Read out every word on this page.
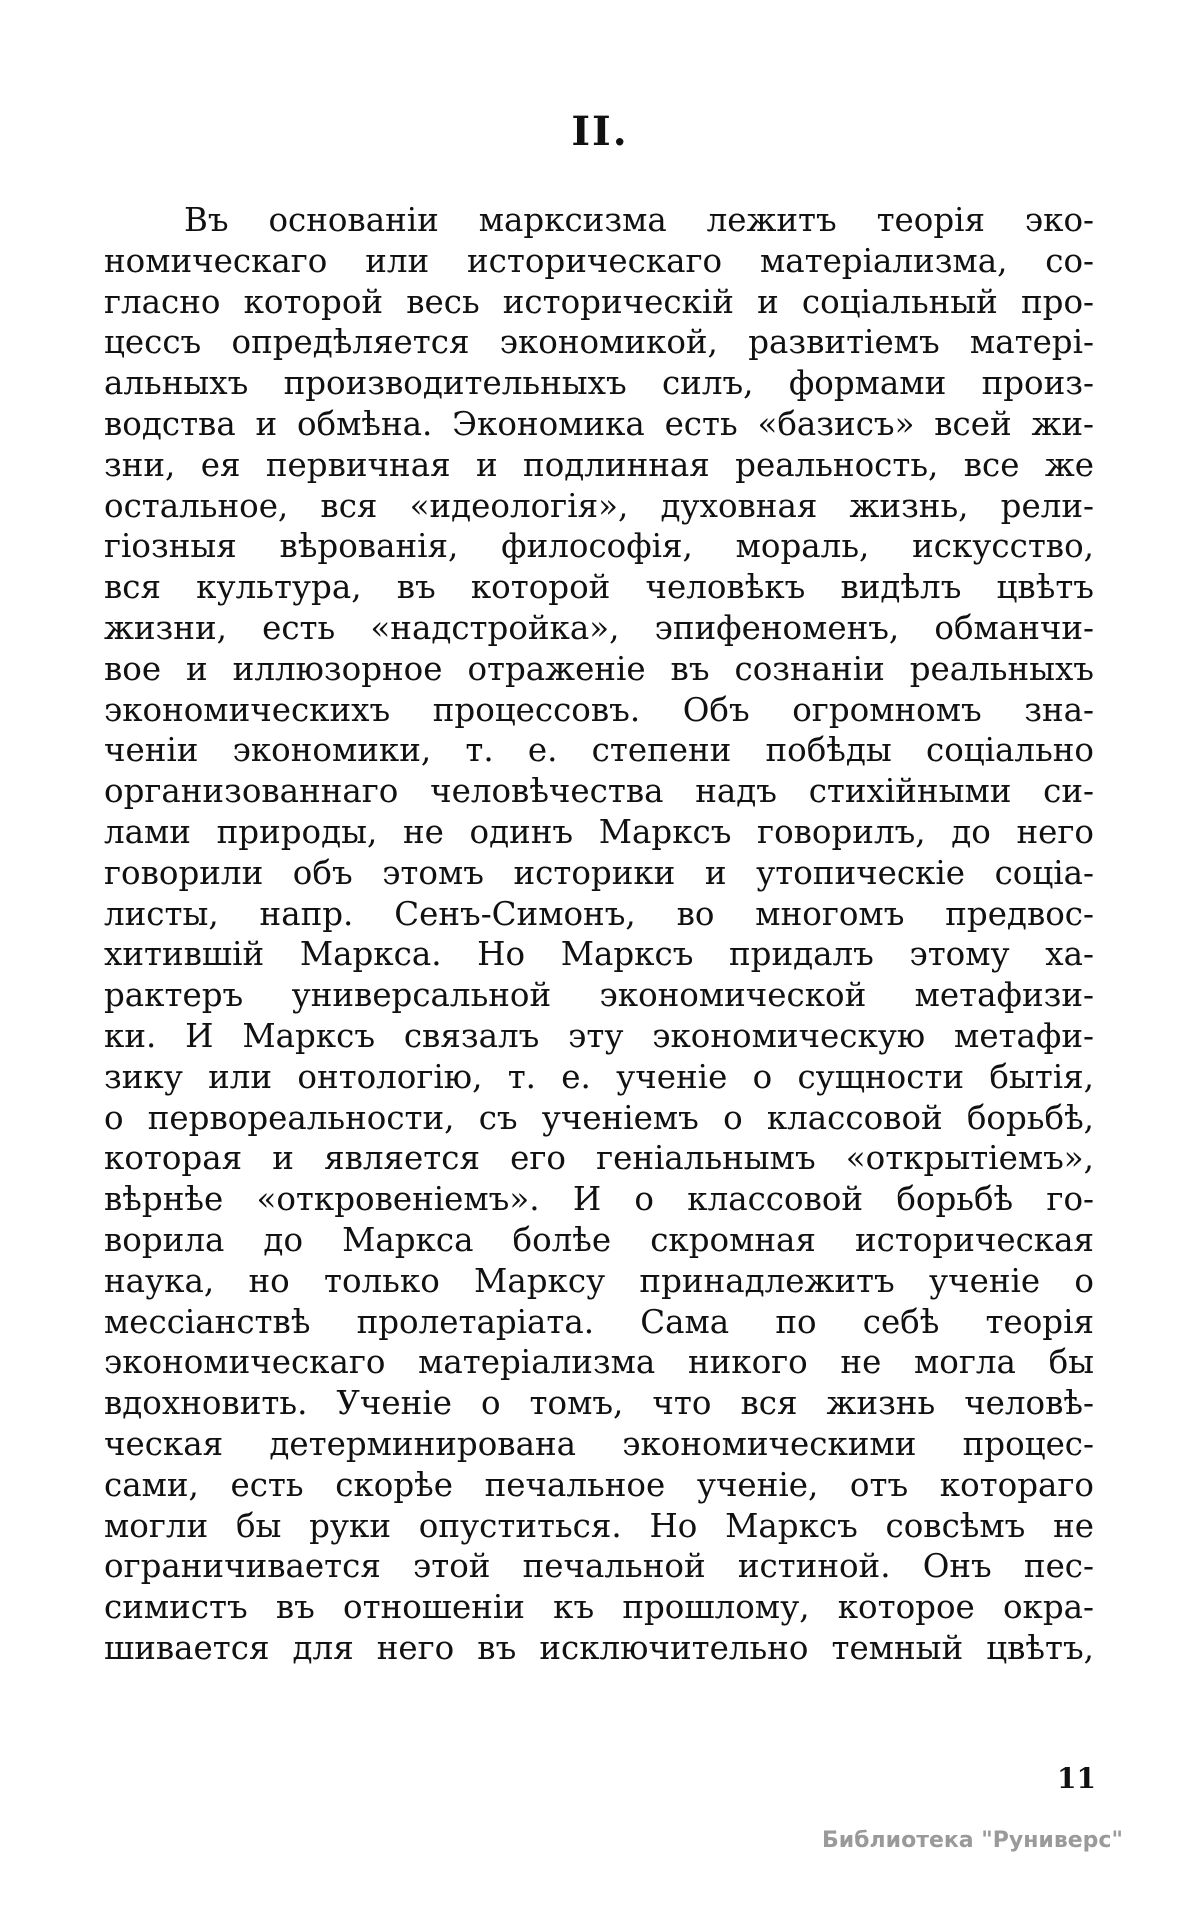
II.
Въ основанiи марксизма лежитъ теорiя эко-
номическаго или историческаго матерiализма, со-
гласно которой весь историческiй и соцiальный про-
цессъ опредѣляется экономикой, развитiемъ матерi-
альныхъ производительныхъ силъ, формами произ-
водства и обмѣна. Экономика есть «базисъ» всей жи-
зни, ея первичная и подлинная реальность, все же
остальное, вся «идеологiя», духовная жизнь, рели-
гiозныя вѣрованiя, философiя, мораль, искусство,
вся культура, въ которой человѣкъ видѣлъ цвѣтъ
жизни, есть «надстройка», эпифеноменъ, обманчи-
вое и иллюзорное отраженiе въ сознанiи реальныхъ
экономическихъ процессовъ. Объ огромномъ зна-
ченiи экономики, т. е. степени побѣды соцiально
организованнаго человѣчества надъ стихiйными си-
лами природы, не одинъ Марксъ говорилъ, до него
говорили объ этомъ историки и утопическiе соцiа-
листы, напр. Сенъ-Симонъ, во многомъ предвос-
хитившiй Маркса. Но Марксъ придалъ этому ха-
рактеръ универсальной экономической метафизи-
ки. И Марксъ связалъ эту экономическую метафи-
зику или онтологiю, т. е. ученiе о сущности бытiя,
о первореальности, съ ученiемъ о классовой борьбѣ,
которая и является его генiальнымъ «открытiемъ»,
вѣрнѣе «откровенiемъ». И о классовой борьбѣ го-
ворила до Маркса болѣе скромная историческая
наука, но только Марксу принадлежитъ ученiе о
мессiанствѣ пролетарiата. Сама по себѣ теорiя
экономическаго матерiализма никого не могла бы
вдохновить. Ученiе о томъ, что вся жизнь человѣ-
ческая детерминирована экономическими процес-
сами, есть скорѣе печальное ученiе, отъ котораго
могли бы руки опуститься. Но Марксъ совсѣмъ не
ограничивается этой печальной истиной. Онъ пес-
симистъ въ отношенiи къ прошлому, которое окра-
шивается для него въ исключительно темный цвѣтъ,
11
Библиотека "Руниверс"
